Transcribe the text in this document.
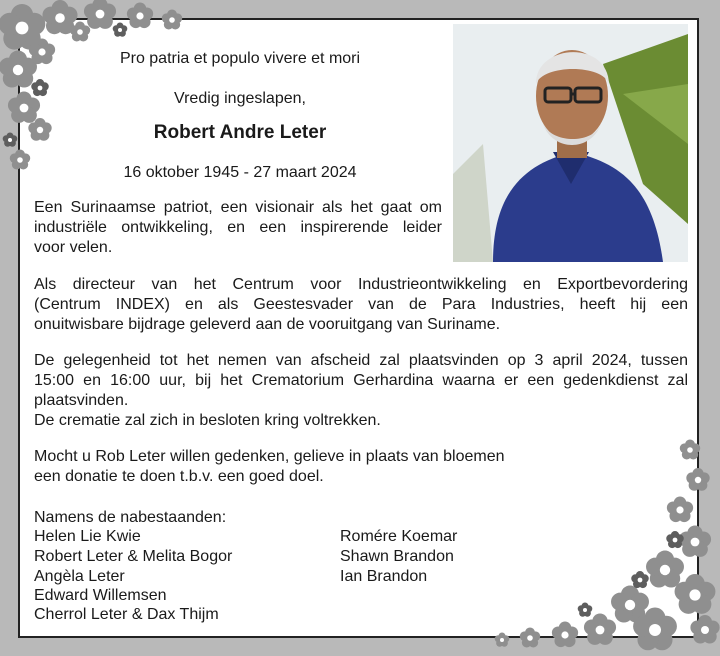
Pro patria et populo vivere et mori
Vredig ingeslapen,
Robert Andre Leter
16 oktober 1945 - 27 maart 2024
Een Surinaamse patriot, een visionair als het gaat om
industriële ontwikkeling, en een inspirerende leider
voor velen.
Als directeur van het Centrum voor Industrieontwikkeling en Exportbevordering
(Centrum INDEX) en als Geestesvader van de Para Industries, heeft hij een
onuitwisbare bijdrage geleverd aan de vooruitgang van Suriname.
De gelegenheid tot het nemen van afscheid zal plaatsvinden op 3 april 2024, tussen
15:00 en 16:00 uur, bij het Crematorium Gerhardina waarna er een gedenkdienst zal
plaatsvinden.
De crematie zal zich in besloten kring voltrekken.
Mocht u Rob Leter willen gedenken, gelieve in plaats van bloemen
een donatie te doen t.b.v. een goed doel.
Namens de nabestaanden:
Helen Lie Kwie
Robert Leter & Melita Bogor
Angèla Leter
Edward Willemsen
Cherrol Leter & Dax Thijm
Romére Koemar
Shawn Brandon
Ian Brandon
